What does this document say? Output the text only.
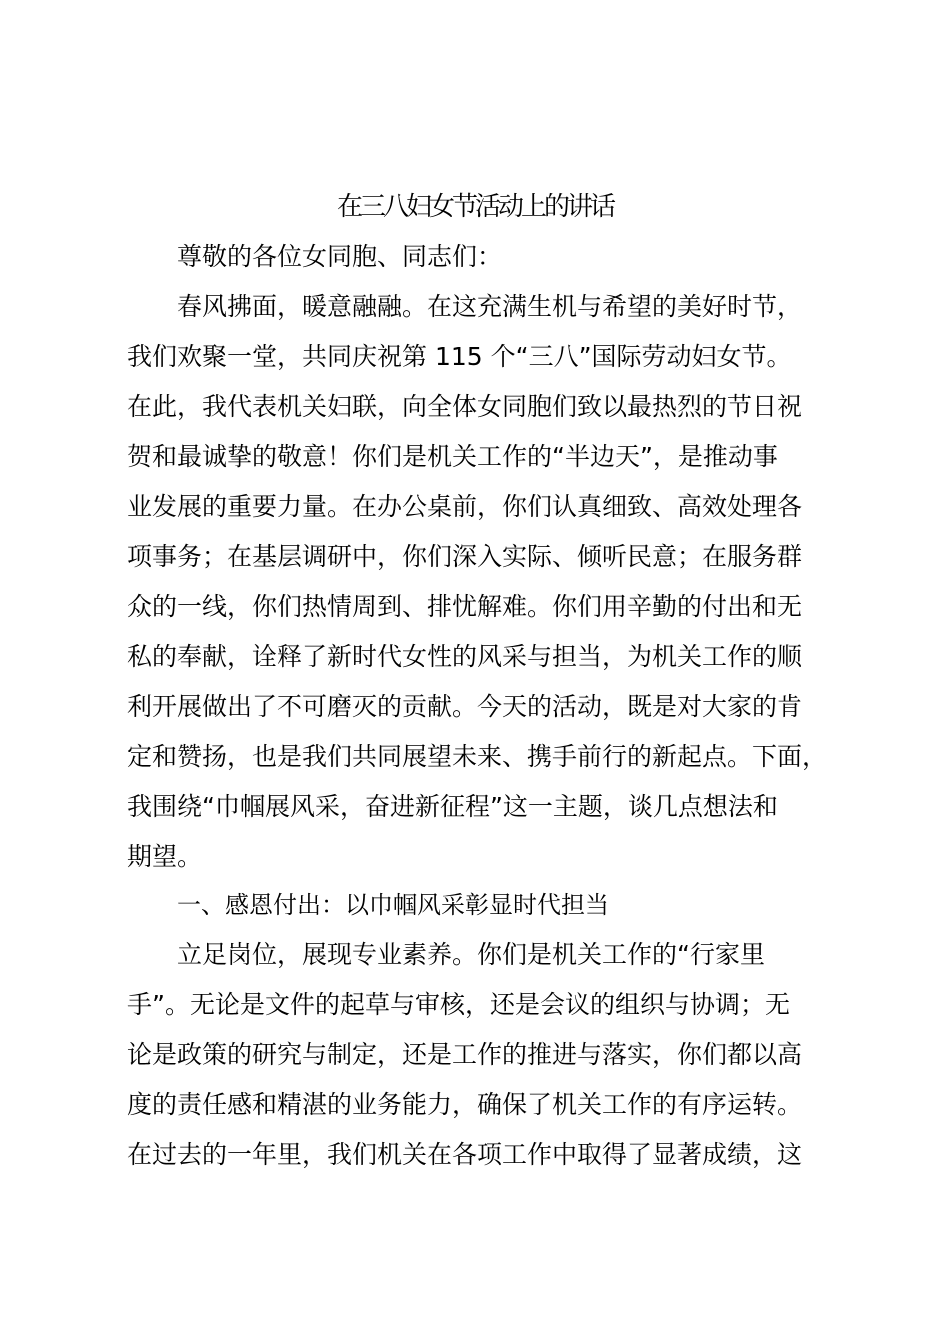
在三八妇女节活动上的讲话
尊敬的各位女同胞、同志们：
春风拂面，暖意融融。在这充满生机与希望的美好时节，
我们欢聚一堂，共同庆祝第 115 个“三八”国际劳动妇女节。
在此，我代表机关妇联，向全体女同胞们致以最热烈的节日祝
贺和最诚挚的敬意！你们是机关工作的“半边天”，是推动事
业发展的重要力量。在办公桌前，你们认真细致、高效处理各
项事务；在基层调研中，你们深入实际、倾听民意；在服务群
众的一线，你们热情周到、排忧解难。你们用辛勤的付出和无
私的奉献，诠释了新时代女性的风采与担当，为机关工作的顺
利开展做出了不可磨灭的贡献。今天的活动，既是对大家的肯
定和赞扬，也是我们共同展望未来、携手前行的新起点。下面，
我围绕“巾帼展风采，奋进新征程”这一主题，谈几点想法和
期望。
一、感恩付出：以巾帼风采彰显时代担当
立足岗位，展现专业素养。你们是机关工作的“行家里
手”。无论是文件的起草与审核，还是会议的组织与协调；无
论是政策的研究与制定，还是工作的推进与落实，你们都以高
度的责任感和精湛的业务能力，确保了机关工作的有序运转。
在过去的一年里，我们机关在各项工作中取得了显著成绩，这
